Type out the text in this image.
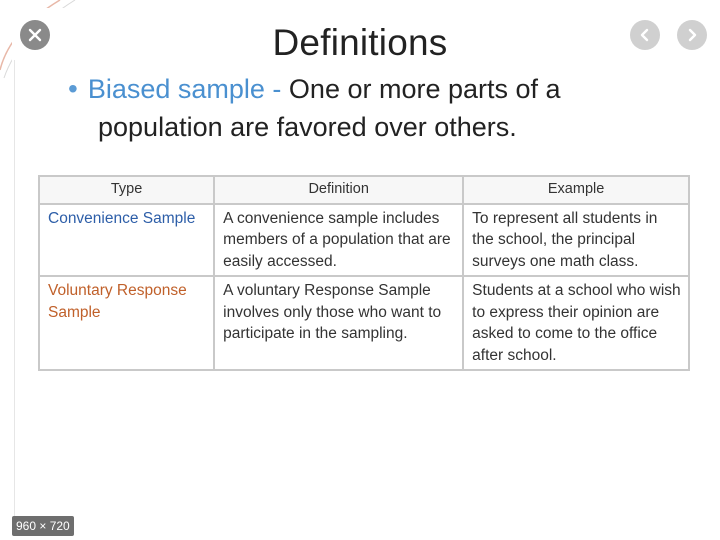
Definitions
• Biased sample - One or more parts of a
population are favored over others.
Type	Definition	Example
Convenience Sample	A convenience sample includes members of a population that are easily accessed.	To represent all students in the school, the principal surveys one math class.
Voluntary Response Sample	A voluntary Response Sample involves only those who want to participate in the sampling.	Students at a school who wish to express their opinion are asked to come to the office after school.
960 × 720
